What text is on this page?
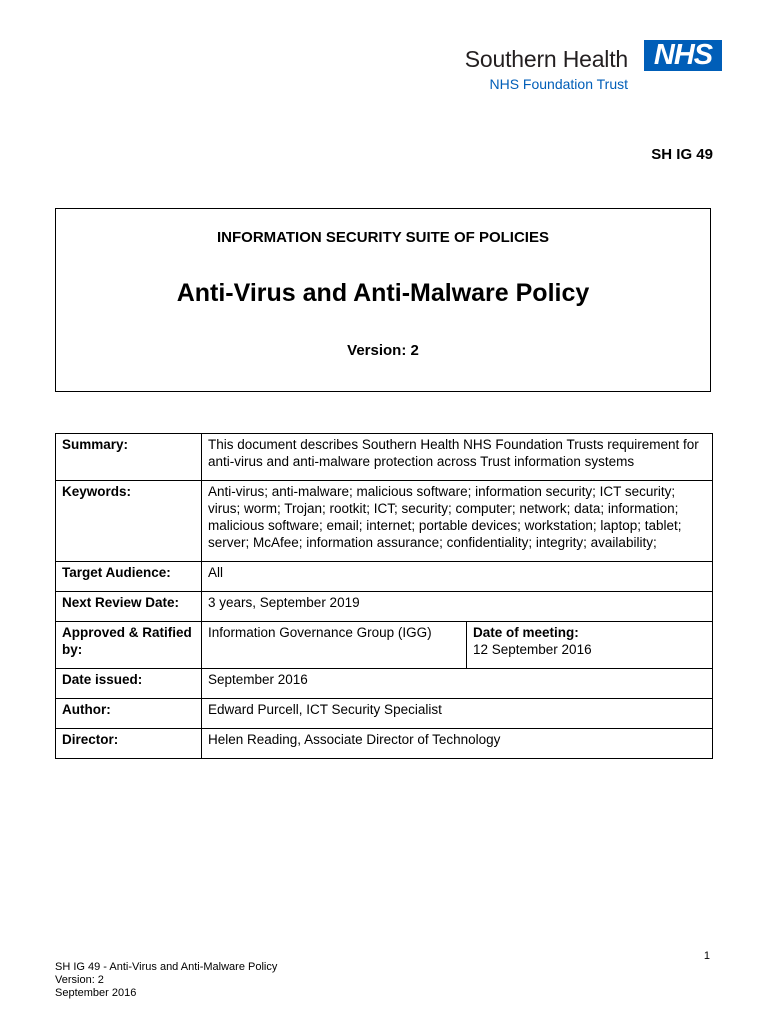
Southern Health
NHS Foundation Trust
NHS
SH IG 49
INFORMATION SECURITY SUITE OF POLICIES
Anti-Virus and Anti-Malware Policy
Version: 2
Summary:	This document describes Southern Health NHS Foundation Trusts requirement for anti-virus and anti-malware protection across Trust information systems	
Keywords:	Anti-virus; anti-malware; malicious software; information security; ICT security; virus; worm; Trojan; rootkit; ICT; security; computer; network; data; information; malicious software; email; internet; portable devices; workstation; laptop; tablet; server; McAfee; information assurance; confidentiality; integrity; availability;	
Target Audience:	All	
Next Review Date:	3 years, September 2019	
Approved & Ratified by:	Information Governance Group (IGG)	Date of meeting:
12 September 2016

Date issued:	September 2016	
Author:	Edward Purcell, ICT Security Specialist	
Director:	Helen Reading, Associate Director of Technology	
1
SH IG 49 - Anti-Virus and Anti-Malware Policy
Version: 2
September 2016
